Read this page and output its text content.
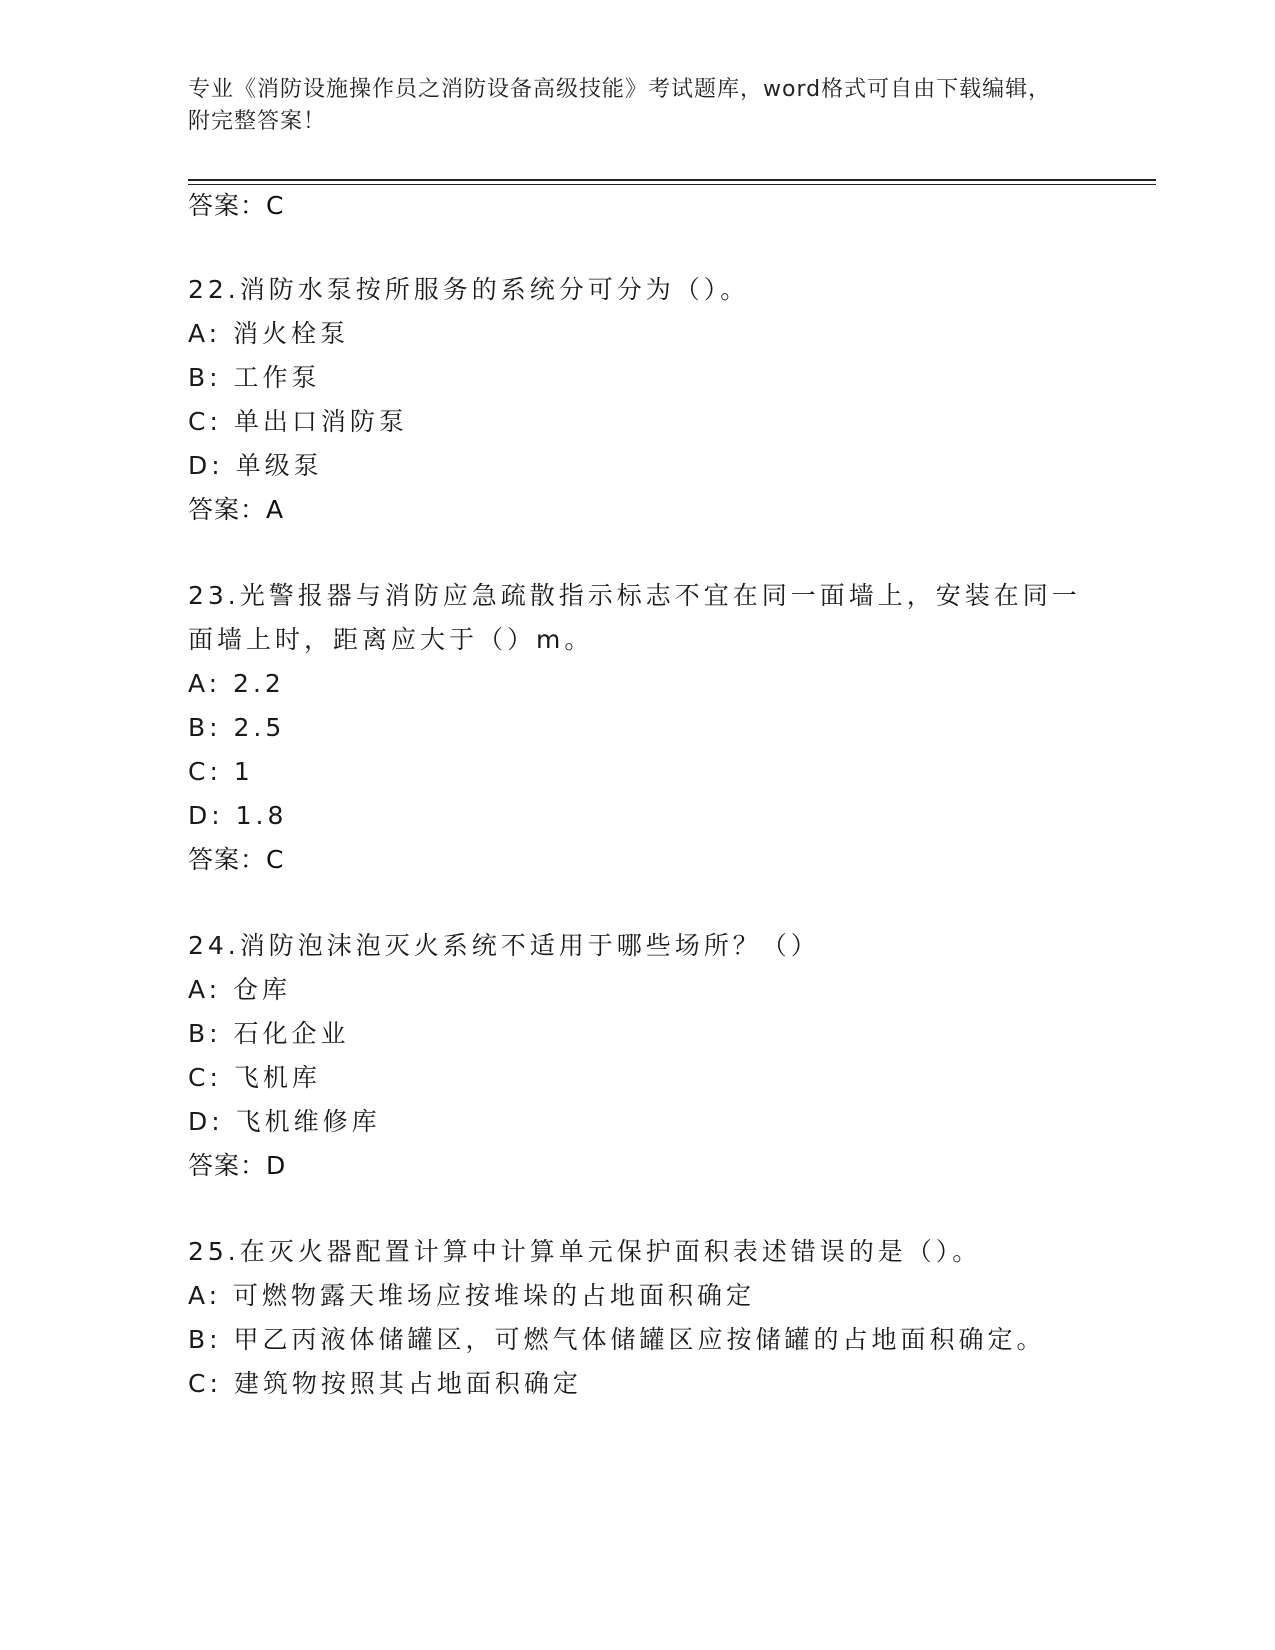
专业《消防设施操作员之消防设备高级技能》考试题库，word格式可自由下载编辑，附完整答案！
答案：C
22.消防水泵按所服务的系统分可分为（）。
A: 消火栓泵
B: 工作泵
C: 单出口消防泵
D: 单级泵
答案：A
23.光警报器与消防应急疏散指示标志不宜在同一面墙上，安装在同一
面墙上时，距离应大于（）m。
A: 2.2
B: 2.5
C: 1
D: 1.8
答案：C
24.消防泡沫泡灭火系统不适用于哪些场所？（）
A: 仓库
B: 石化企业
C: 飞机库
D: 飞机维修库
答案：D
25.在灭火器配置计算中计算单元保护面积表述错误的是（）。
A: 可燃物露天堆场应按堆垛的占地面积确定
B: 甲乙丙液体储罐区，可燃气体储罐区应按储罐的占地面积确定。
C: 建筑物按照其占地面积确定
